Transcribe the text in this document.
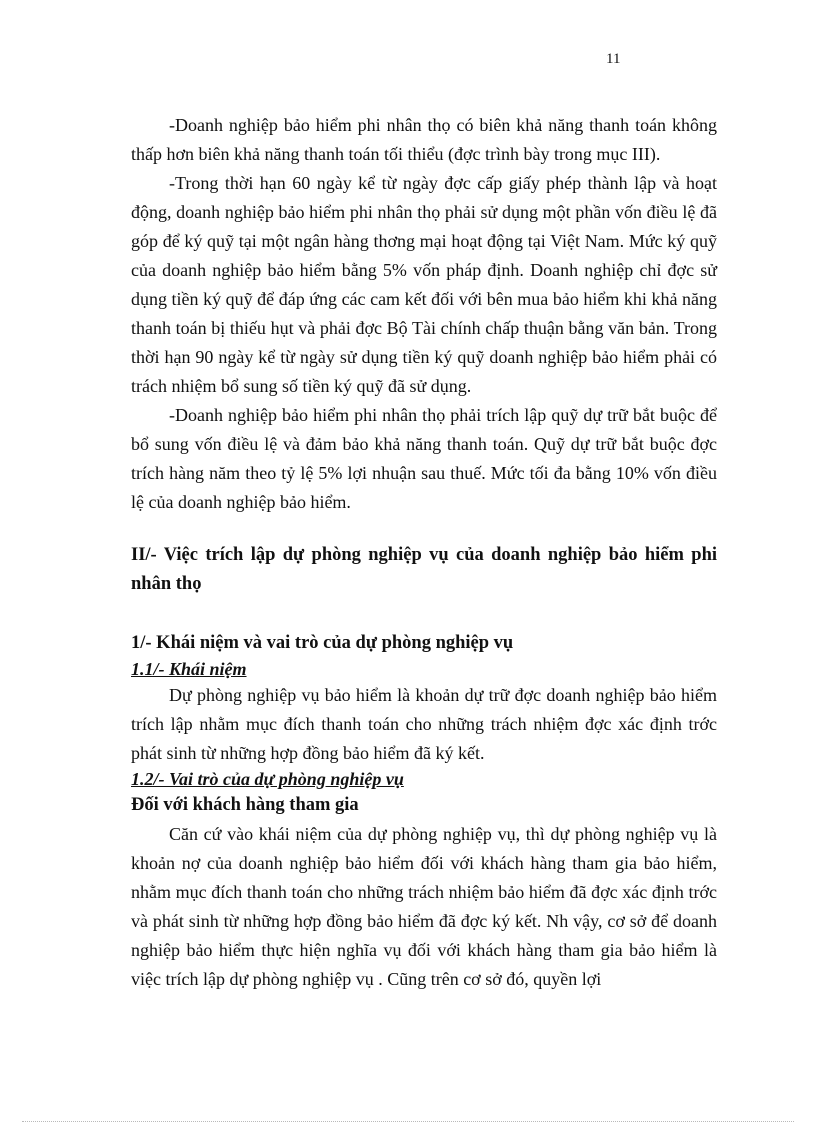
11

-Doanh nghiệp bảo hiểm phi nhân thọ có biên khả năng thanh toán không thấp hơn biên khả năng thanh toán tối thiểu (đợc trình bày trong mục III).

-Trong thời hạn 60 ngày kể từ ngày đợc cấp giấy phép thành lập và hoạt động, doanh nghiệp bảo hiểm phi nhân thọ phải sử dụng một phần vốn điều lệ đã góp để ký quỹ tại một ngân hàng thơng mại hoạt động tại Việt Nam. Mức ký quỹ của doanh nghiệp bảo hiểm bằng 5% vốn pháp định. Doanh nghiệp chỉ đợc sử dụng tiền ký quỹ để đáp ứng các cam kết đối với bên mua bảo hiểm khi khả năng thanh toán bị thiếu hụt và phải đợc Bộ Tài chính chấp thuận bằng văn bản. Trong thời hạn 90 ngày kể từ ngày sử dụng tiền ký quỹ doanh nghiệp bảo hiểm phải có trách nhiệm bổ sung số tiền ký quỹ đã sử dụng.

-Doanh nghiệp bảo hiểm phi nhân thọ phải trích lập quỹ dự trữ bắt buộc để bổ sung vốn điều lệ và đảm bảo khả năng thanh toán. Quỹ dự trữ bắt buộc đợc trích hàng năm theo tỷ lệ 5% lợi nhuận sau thuế. Mức tối đa bằng 10% vốn điều lệ của doanh nghiệp bảo hiểm.

II/- Việc trích lập dự phòng nghiệp vụ của doanh nghiệp bảo hiểm phi nhân thọ

1/- Khái niệm và vai trò của dự phòng nghiệp vụ

1.1/- Khái niệm

Dự phòng nghiệp vụ bảo hiểm là khoản dự trữ đợc doanh nghiệp bảo hiểm trích lập nhằm mục đích thanh toán cho những trách nhiệm đợc xác định trớc phát sinh từ những hợp đồng bảo hiểm đã ký kết.

1.2/- Vai trò của dự phòng nghiệp vụ

Đối với khách hàng tham gia

Căn cứ vào khái niệm của dự phòng nghiệp vụ, thì dự phòng nghiệp vụ là khoản nợ của doanh nghiệp bảo hiểm đối với khách hàng tham gia bảo hiểm, nhằm mục đích thanh toán cho những trách nhiệm bảo hiểm đã đợc xác định trớc và phát sinh từ những hợp đồng bảo hiểm đã đợc ký kết. Nh vậy, cơ sở để doanh nghiệp bảo hiểm thực hiện nghĩa vụ đối với khách hàng tham gia bảo hiểm là việc trích lập dự phòng nghiệp vụ . Cũng trên cơ sở đó, quyền lợi
